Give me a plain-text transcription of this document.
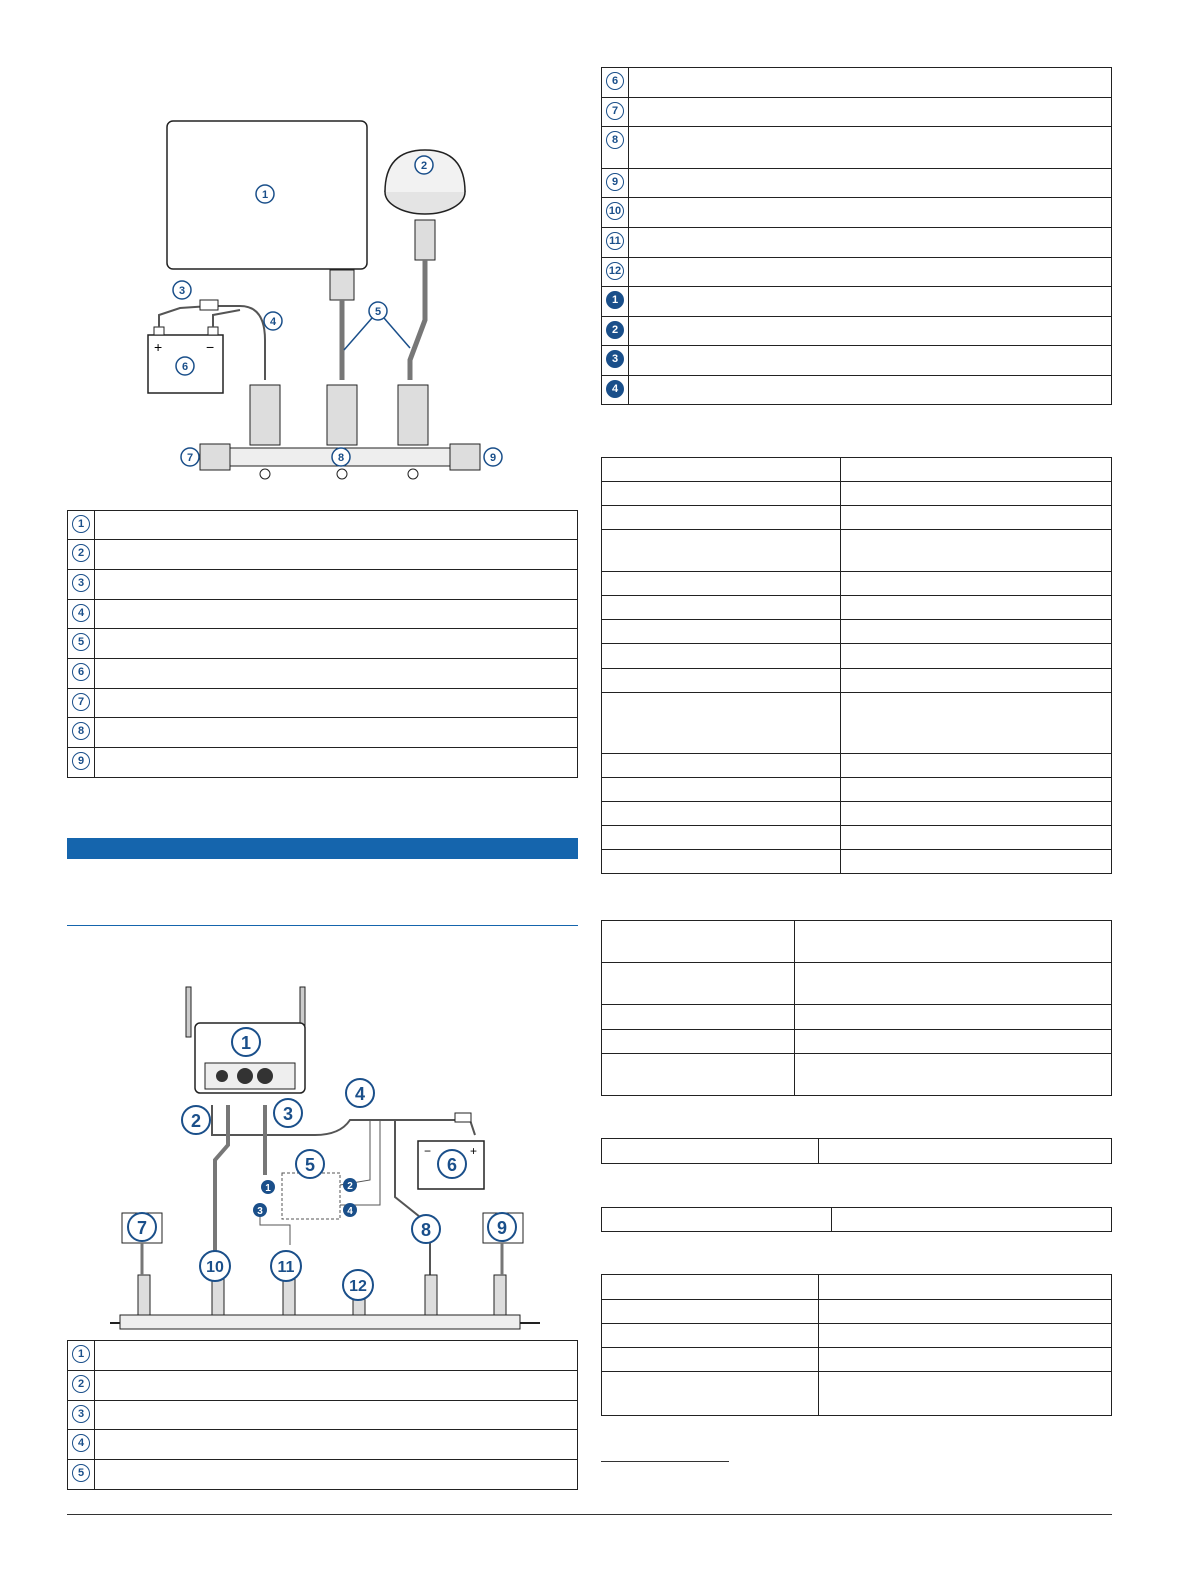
+	−
1
2
3
4
5
6
7	8	9
1	
2	
3	
4	
5	
6	
7	
8	
9	
−	+
1
2	3
4
5	6
7	8	9
10	11
12
1	2
3	4
1	
2	
3	
4	
5	
6	
7	
8	
9	
10	
11	
12	
1	
2	
3	
4	
